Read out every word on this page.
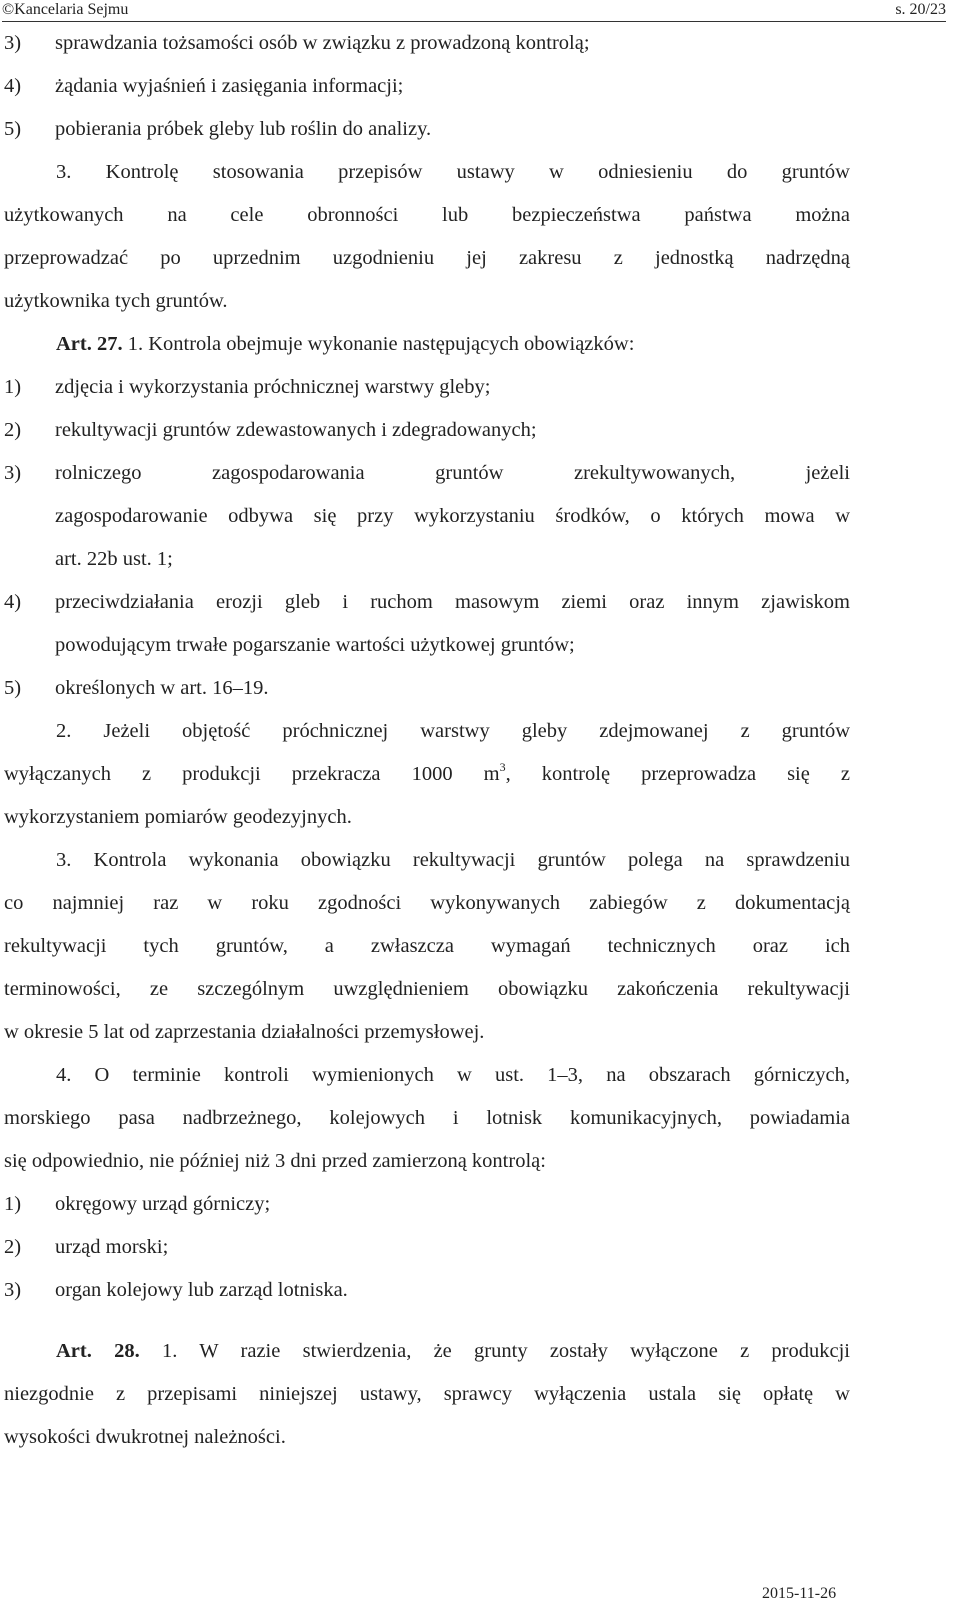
©Kancelaria Sejmu	s. 20/23
3) sprawdzania tożsamości osób w związku z prowadzoną kontrolą;
4) żądania wyjaśnień i zasięgania informacji;
5) pobierania próbek gleby lub roślin do analizy.
3. Kontrolę stosowania przepisów ustawy w odniesieniu do gruntów
użytkowanych na cele obronności lub bezpieczeństwa państwa można
przeprowadzać po uprzednim uzgodnieniu jej zakresu z jednostką nadrzędną
użytkownika tych gruntów.
Art. 27. 1. Kontrola obejmuje wykonanie następujących obowiązków:
1) zdjęcia i wykorzystania próchnicznej warstwy gleby;
2) rekultywacji gruntów zdewastowanych i zdegradowanych;
3) rolniczego zagospodarowania gruntów zrekultywowanych, jeżeli
zagospodarowanie odbywa się przy wykorzystaniu środków, o których mowa w
art. 22b ust. 1;
4) przeciwdziałania erozji gleb i ruchom masowym ziemi oraz innym zjawiskom
powodującym trwałe pogarszanie wartości użytkowej gruntów;
5) określonych w art. 16–19.
2. Jeżeli objętość próchnicznej warstwy gleby zdejmowanej z gruntów
wyłączanych z produkcji przekracza 1000 $m^3$, kontrolę przeprowadza się z
wykorzystaniem pomiarów geodezyjnych.
3. Kontrola wykonania obowiązku rekultywacji gruntów polega na sprawdzeniu
co najmniej raz w roku zgodności wykonywanych zabiegów z dokumentacją
rekultywacji tych gruntów, a zwłaszcza wymagań technicznych oraz ich
terminowości, ze szczególnym uwzględnieniem obowiązku zakończenia rekultywacji
w okresie 5 lat od zaprzestania działalności przemysłowej.
4. O terminie kontroli wymienionych w ust. 1–3, na obszarach górniczych,
morskiego pasa nadbrzeżnego, kolejowych i lotnisk komunikacyjnych, powiadamia
się odpowiednio, nie później niż 3 dni przed zamierzoną kontrolą:
1) okręgowy urząd górniczy;
2) urząd morski;
3) organ kolejowy lub zarząd lotniska.
Art. 28. 1. W razie stwierdzenia, że grunty zostały wyłączone z produkcji
niezgodnie z przepisami niniejszej ustawy, sprawcy wyłączenia ustala się opłatę w
wysokości dwukrotnej należności.
2015-11-26
